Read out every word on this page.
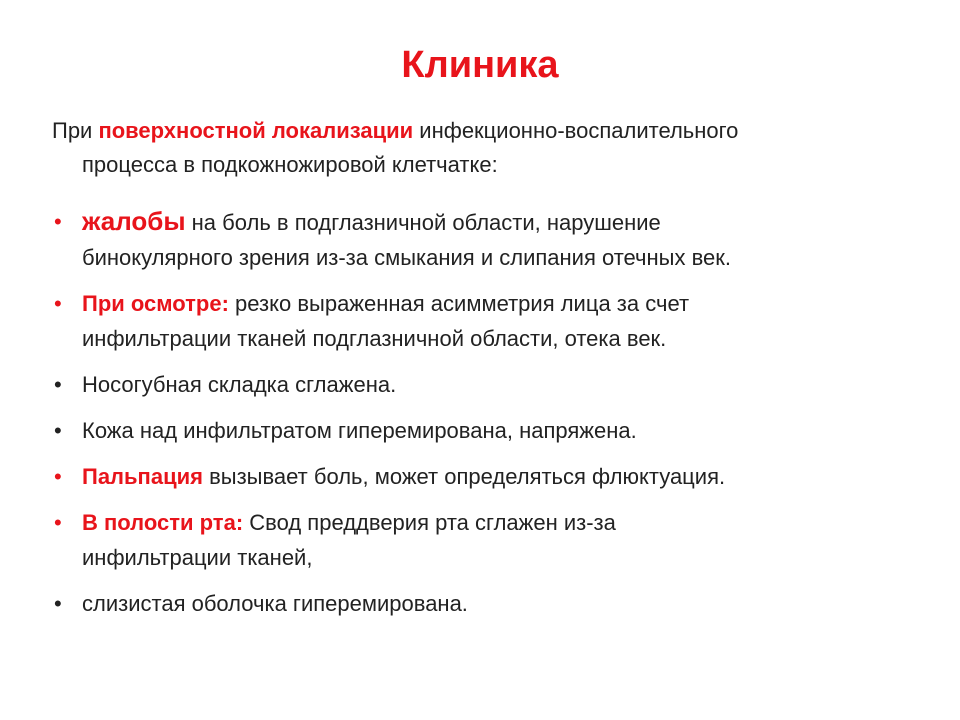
Клиника

При поверхностной локализации инфекционно-воспалительного
процесса в подкожножировой клетчатке:

• жалобы на боль в подглазничной области, нарушение
бинокулярного зрения из-за смыкания и слипания отечных век.
• При осмотре: резко выраженная асимметрия лица за счет
инфильтрации тканей подглазничной области, отека век.
• Носогубная складка сглажена.
• Кожа над инфильтратом гиперемирована, напряжена.
• Пальпация вызывает боль, может определяться флюктуация.
• В полости рта: Свод преддверия рта сглажен из-за
инфильтрации тканей,
• слизистая оболочка гиперемирована.
